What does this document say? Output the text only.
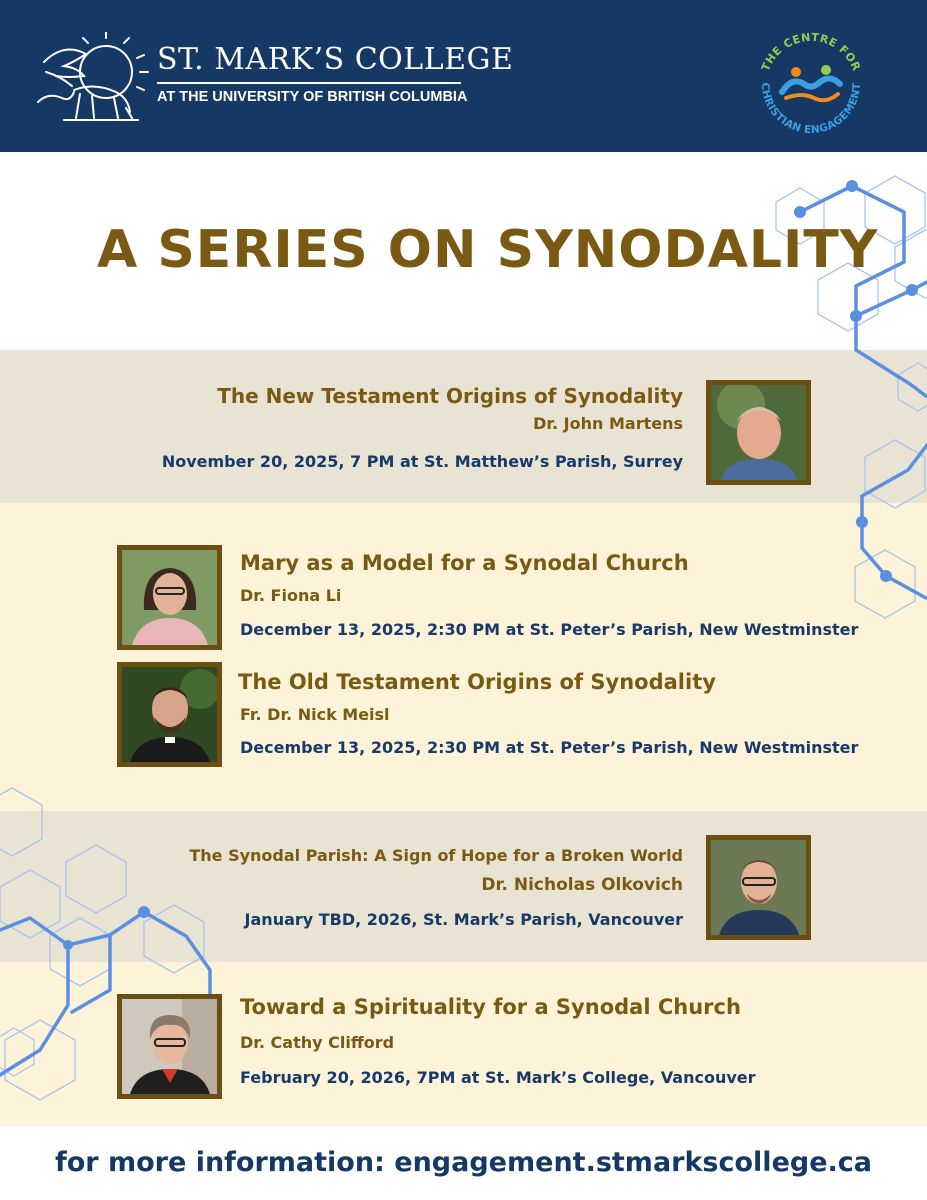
ST. MARK’S COLLEGE
AT THE UNIVERSITY OF BRITISH COLUMBIA
THE CENTRE FOR
CHRISTIAN ENGAGEMENT
A SERIES ON SYNODALITY
The New Testament Origins of Synodality
Dr. John Martens
November 20, 2025, 7 PM at St. Matthew’s Parish, Surrey
Mary as a Model for a Synodal Church
Dr. Fiona Li
December 13, 2025, 2:30 PM at St. Peter’s Parish, New Westminster
The Old Testament Origins of Synodality
Fr. Dr. Nick Meisl
December 13, 2025, 2:30 PM at St. Peter’s Parish, New Westminster
The Synodal Parish: A Sign of Hope for a Broken World
Dr. Nicholas Olkovich
January TBD, 2026, St. Mark’s Parish, Vancouver
Toward a Spirituality for a Synodal Church
Dr. Cathy Clifford
February 20, 2026, 7PM at St. Mark’s College, Vancouver
for more information: engagement.stmarkscollege.ca
